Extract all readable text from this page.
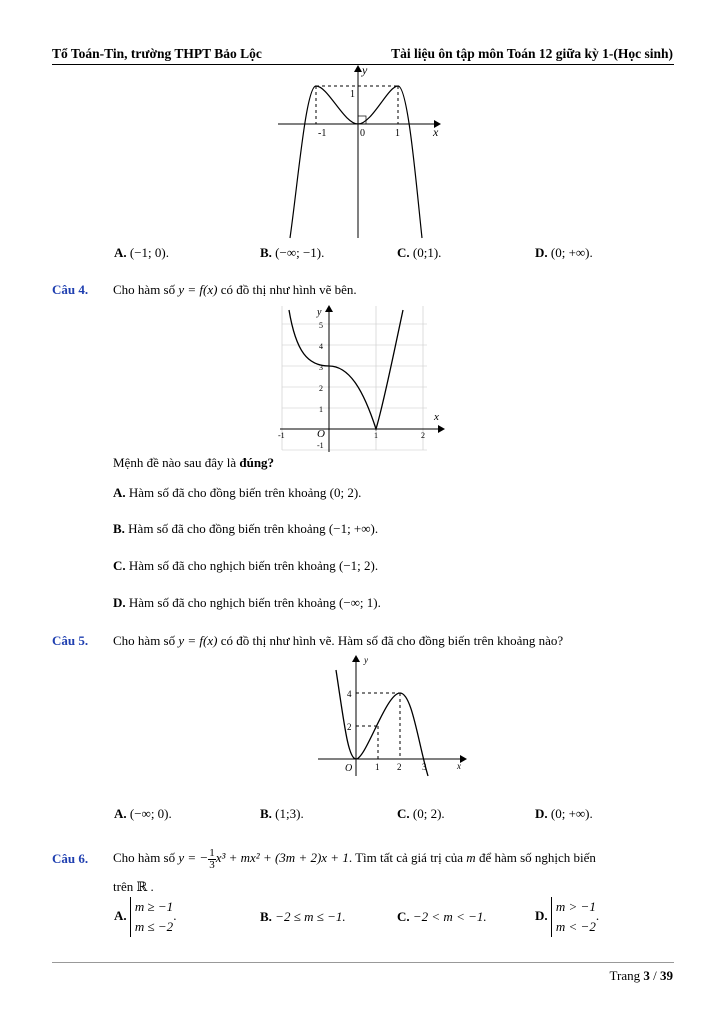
Tổ Toán-Tin, trường THPT Bảo Lộc	Tài liệu ôn tập môn Toán 12 giữa kỳ 1-(Học sinh)
y
x
1
-1	0	1
A. (−1; 0).	B. (−∞; −1).	C. (0;1).	D. (0; +∞).
Câu 4. Cho hàm số y = f(x) có đồ thị như hình vẽ bên.
y
x
O
5
4
3
2
1
-1
-1	1	2
Mệnh đề nào sau đây là đúng?
A. Hàm số đã cho đồng biến trên khoảng (0; 2).
B. Hàm số đã cho đồng biến trên khoảng (−1; +∞).
C. Hàm số đã cho nghịch biến trên khoảng (−1; 2).
D. Hàm số đã cho nghịch biến trên khoảng (−∞; 1).
Câu 5. Cho hàm số y = f(x) có đồ thị như hình vẽ. Hàm số đã cho đồng biến trên khoảng nào?
y
x
O
4
2
1 2 3
A. (−∞; 0).	B. (1;3).	C. (0; 2).	D. (0; +∞).
Câu 6. Cho hàm số y = − $\frac{1}{3} x^3 + mx^2 + (3m + 2)x + 1$. Tìm tất cả giá trị của m để hàm số nghịch biến
trên ℝ .
A.
m ≥ −1
m ≤ −2
.	B. −2 ≤ m ≤ −1.	C. −2 < m < −1.	D.
m > −1
m < −2
.
Trang 3 / 39
